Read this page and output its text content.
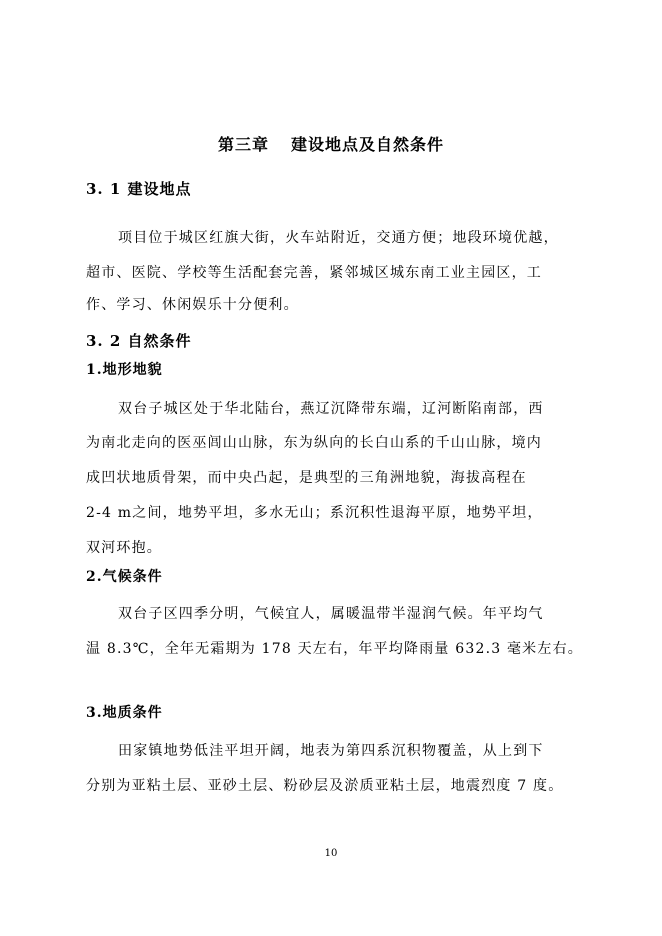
第三章 建设地点及自然条件
3. 1 建设地点
项目位于城区红旗大街，火车站附近，交通方便；地段环境优越，
超市、医院、学校等生活配套完善，紧邻城区城东南工业主园区，工
作、学习、休闲娱乐十分便利。
3. 2 自然条件
1.地形地貌
双台子城区处于华北陆台，燕辽沉降带东端，辽河断陷南部，西
为南北走向的医巫闾山山脉，东为纵向的长白山系的千山山脉，境内
成凹状地质骨架，而中央凸起，是典型的三角洲地貌，海拔高程在
2-4 m之间，地势平坦，多水无山；系沉积性退海平原，地势平坦，
双河环抱。
2.气候条件
双台子区四季分明，气候宜人，属暖温带半湿润气候。年平均气
温 8.3℃，全年无霜期为 178 天左右，年平均降雨量 632.3 毫米左右。
3.地质条件
田家镇地势低洼平坦开阔，地表为第四系沉积物覆盖，从上到下
分别为亚粘土层、亚砂土层、粉砂层及淤质亚粘土层，地震烈度 7 度。
10
